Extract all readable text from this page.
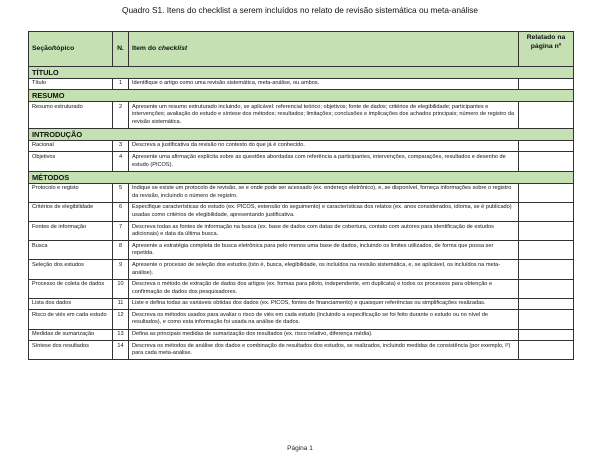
Quadro S1. Itens do checklist a serem incluídos no relato de revisão sistemática ou meta-análise
Seção/tópico	N.	Item do checklist	Relatado na página nº
TÍTULO			
Título	1	Identifique o artigo como uma revisão sistemática, meta-análise, ou ambos.	
RESUMO			
Resumo estruturado	2	Apresente um resumo estruturado incluindo, se aplicável: referencial teórico; objetivos; fonte de dados; critérios de elegibilidade; participantes e intervenções; avaliação do estudo e síntese dos métodos; resultados; limitações; conclusões e implicações dos achados principais; número de registro da revisão sistemática.	
INTRODUÇÃO			
Racional	3	Descreva a justificativa da revisão no contexto do que já é conhecido.	
Objetivos	4	Apresente uma afirmação explícita sobre as questões abordadas com referência a participantes, intervenções, comparações, resultados e desenho de estudo (PICOS).	
MÉTODOS			
Protocolo e registo	5	Indique se existe um protocolo de revisão, se e onde pode ser acessado (ex. endereço eletrônico), e, se disponível, forneça informações sobre o registro da revisão, incluindo o número de registro.	
Critérios de elegibilidade	6	Especifique características do estudo (ex. PICOS, extensão do seguimento) e características dos relatos (ex. anos considerados, idioma, se é publicado) usadas como critérios de elegibilidade, apresentando justificativa.	
Fontes de informação	7	Descreva todas as fontes de informação na busca (ex. base de dados com datas de cobertura, contato com autores para identificação de estudos adicionais) e data da última busca.	
Busca	8	Apresente a estratégia completa de busca eletrônica para pelo menos uma base de dados, incluindo os limites utilizados, de forma que possa ser repetida.	
Seleção dos estudos	9	Apresente o processo de seleção dos estudos (isto é, busca, elegibilidade, os incluídos na revisão sistemática, e, se aplicável, os incluídos na meta-análise).	
Processo de coleta de dados	10	Descreva o método de extração de dados dos artigos (ex. formas para piloto, independente, em duplicata) e todos os processos para obtenção e confirmação de dados dos pesquisadores.	
Lista dos dados	11	Liste e defina todas as variáveis obtidas dos dados (ex. PICOS, fontes de financiamento) e quaisquer referências ou simplificações realizadas.	
Risco de viés em cada estudo	12	Descreva os métodos usados para avaliar o risco de viés em cada estudo (incluindo a especificação se foi feito durante o estudo ou no nível de resultados), e como esta informação foi usada na análise de dados.	
Medidas de sumarização	13	Defina as principais medidas de sumarização dos resultados (ex. risco relativo, diferença média).	
Síntese dos resultados	14	Descreva os métodos de análise dos dados e combinação de resultados dos estudos, se realizados, incluindo medidas de consistência (por exemplo, I²) para cada meta-análise.	
Página 1
